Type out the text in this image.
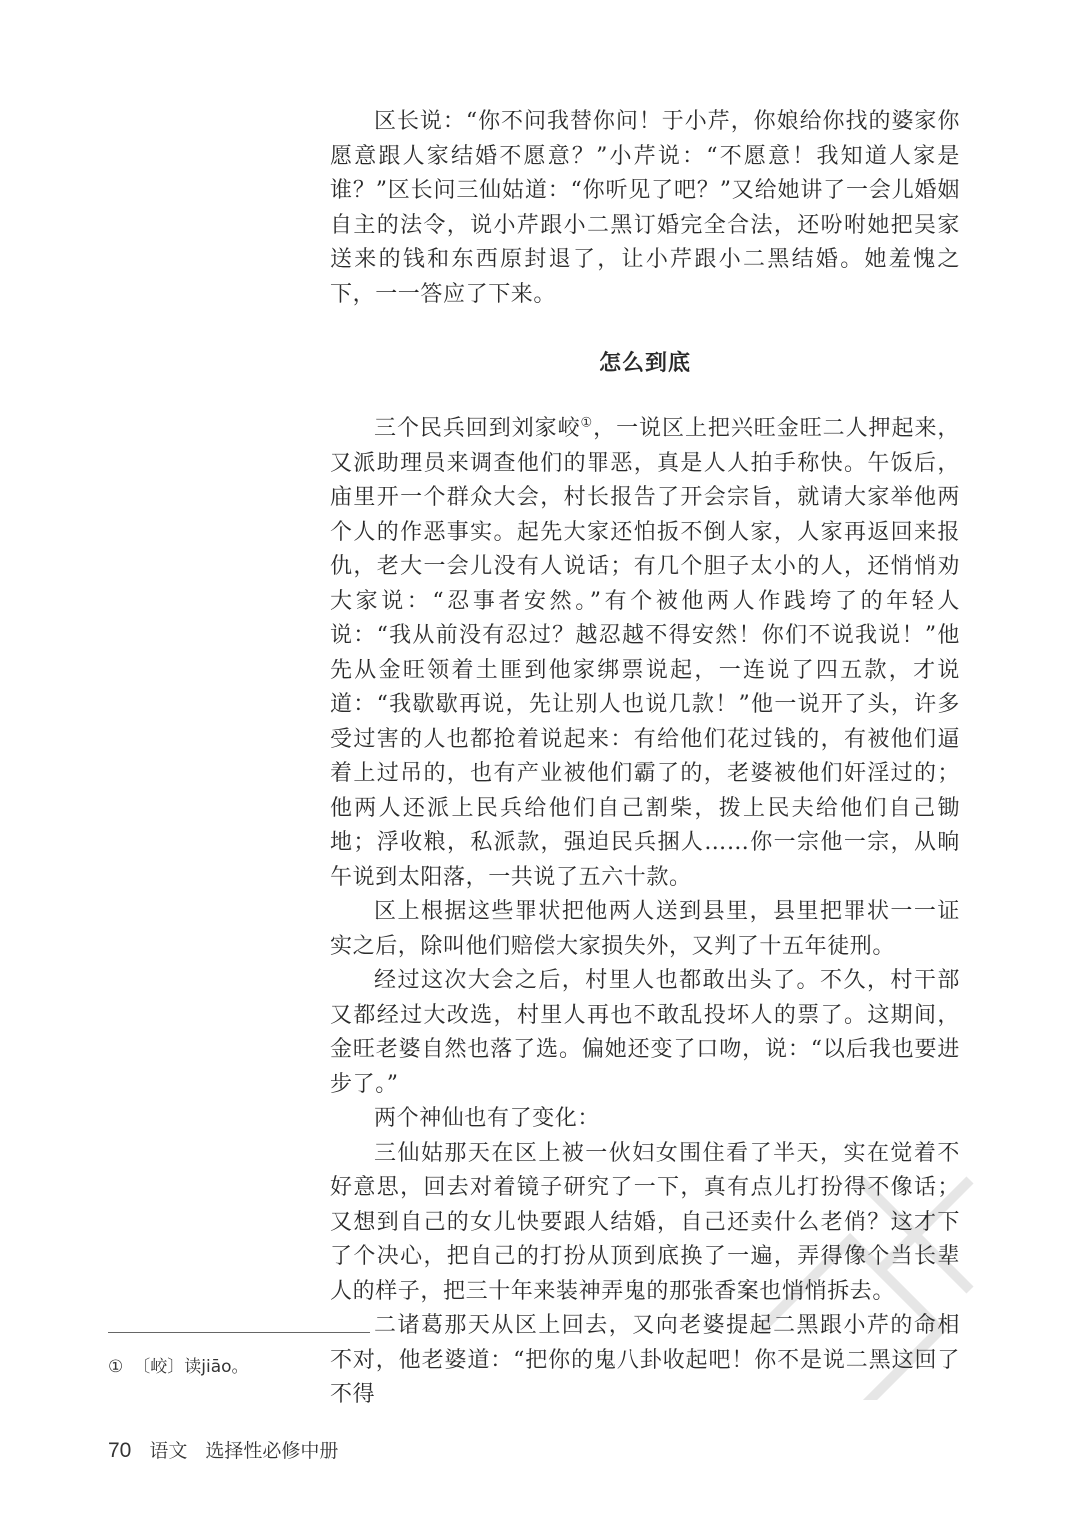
区长说：“你不问我替你问！于小芹，你娘给你找的婆家你愿意跟人家结婚不愿意？”小芹说：“不愿意！我知道人家是谁？”区长问三仙姑道：“你听见了吧？”又给她讲了一会儿婚姻自主的法令，说小芹跟小二黑订婚完全合法，还吩咐她把吴家送来的钱和东西原封退了，让小芹跟小二黑结婚。她羞愧之下，一一答应了下来。

怎么到底

三个民兵回到刘家峧①，一说区上把兴旺金旺二人押起来，又派助理员来调查他们的罪恶，真是人人拍手称快。午饭后，庙里开一个群众大会，村长报告了开会宗旨，就请大家举他两个人的作恶事实。起先大家还怕扳不倒人家，人家再返回来报仇，老大一会儿没有人说话；有几个胆子太小的人，还悄悄劝大家说：“忍事者安然。”有个被他两人作践垮了的年轻人说：“我从前没有忍过？越忍越不得安然！你们不说我说！”他先从金旺领着土匪到他家绑票说起，一连说了四五款，才说道：“我歇歇再说，先让别人也说几款！”他一说开了头，许多受过害的人也都抢着说起来：有给他们花过钱的，有被他们逼着上过吊的，也有产业被他们霸了的，老婆被他们奸淫过的；他两人还派上民兵给他们自己割柴，拨上民夫给他们自己锄地；浮收粮，私派款，强迫民兵捆人……你一宗他一宗，从晌午说到太阳落，一共说了五六十款。

区上根据这些罪状把他两人送到县里，县里把罪状一一证实之后，除叫他们赔偿大家损失外，又判了十五年徒刑。

经过这次大会之后，村里人也都敢出头了。不久，村干部又都经过大改选，村里人再也不敢乱投坏人的票了。这期间，金旺老婆自然也落了选。偏她还变了口吻，说：“以后我也要进步了。”

两个神仙也有了变化：

三仙姑那天在区上被一伙妇女围住看了半天，实在觉着不好意思，回去对着镜子研究了一下，真有点儿打扮得不像话；又想到自己的女儿快要跟人结婚，自己还卖什么老俏？这才下了个决心，把自己的打扮从顶到底换了一遍，弄得像个当长辈人的样子，把三十年来装神弄鬼的那张香案也悄悄拆去。

二诸葛那天从区上回去，又向老婆提起二黑跟小芹的命相不对，他老婆道：“把你的鬼八卦收起吧！你不是说二黑这回了不得

① 〔峧〕读jiāo。
70 语文 选择性必修中册
